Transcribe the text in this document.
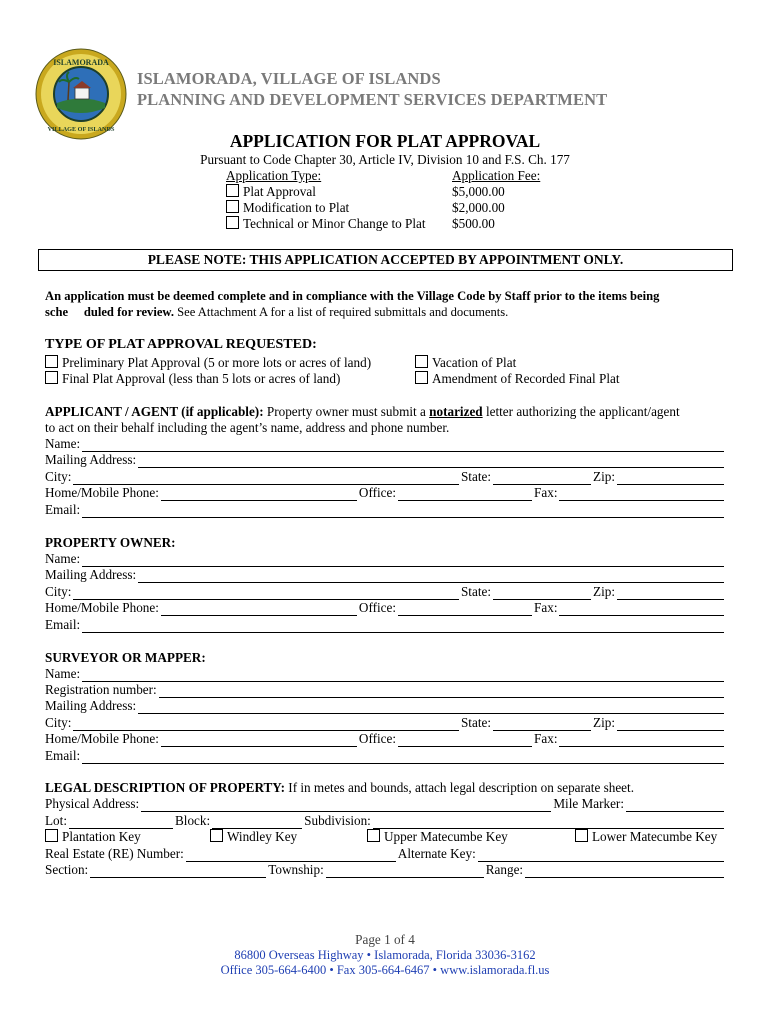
ISLAMORADA
VILLAGE OF ISLANDS
ISLAMORADA, VILLAGE OF ISLANDS
PLANNING AND DEVELOPMENT SERVICES DEPARTMENT
APPLICATION FOR PLAT APPROVAL
Pursuant to Code Chapter 30, Article IV, Division 10 and F.S. Ch. 177
Application Type:	Application Fee:
Plat Approval	$5,000.00
Modification to Plat	$2,000.00
Technical or Minor Change to Plat $500.00
PLEASE NOTE: THIS APPLICATION ACCEPTED BY APPOINTMENT ONLY.
An application must be deemed complete and in compliance with the Village Code by Staff prior to the items being
sche     duled for review. See Attachment A for a list of required submittals and documents.
TYPE OF PLAT APPROVAL REQUESTED:
Preliminary Plat Approval (5 or more lots or acres of land)
Final Plat Approval (less than 5 lots or acres of land)
Vacation of Plat
Amendment of Recorded Final Plat
APPLICANT / AGENT (if applicable): Property owner must submit a notarized letter authorizing the applicant/agent
to act on their behalf including the agent’s name, address and phone number.
Name:
Mailing Address:
City:	State:	Zip:
Home/Mobile Phone:	Office:	Fax:
Email:
PROPERTY OWNER:
Name:
Mailing Address:
City:	State:	Zip:
Home/Mobile Phone:	Office:	Fax:
Email:
SURVEYOR OR MAPPER:
Name:
Registration number:
Mailing Address:
City:	State:	Zip:
Home/Mobile Phone:	Office:	Fax:
Email:
LEGAL DESCRIPTION OF PROPERTY: If in metes and bounds, attach legal description on separate sheet.
Physical Address:	Mile Marker:
Lot:	Block:	Subdivision:
Plantation Key	Windley Key	Upper Matecumbe Key	Lower Matecumbe Key
Real Estate (RE) Number:	Alternate Key:
Section:	Township:	Range:
Page 1 of 4
86800 Overseas Highway • Islamorada, Florida 33036-3162
Office 305-664-6400 • Fax 305-664-6467 • www.islamorada.fl.us
